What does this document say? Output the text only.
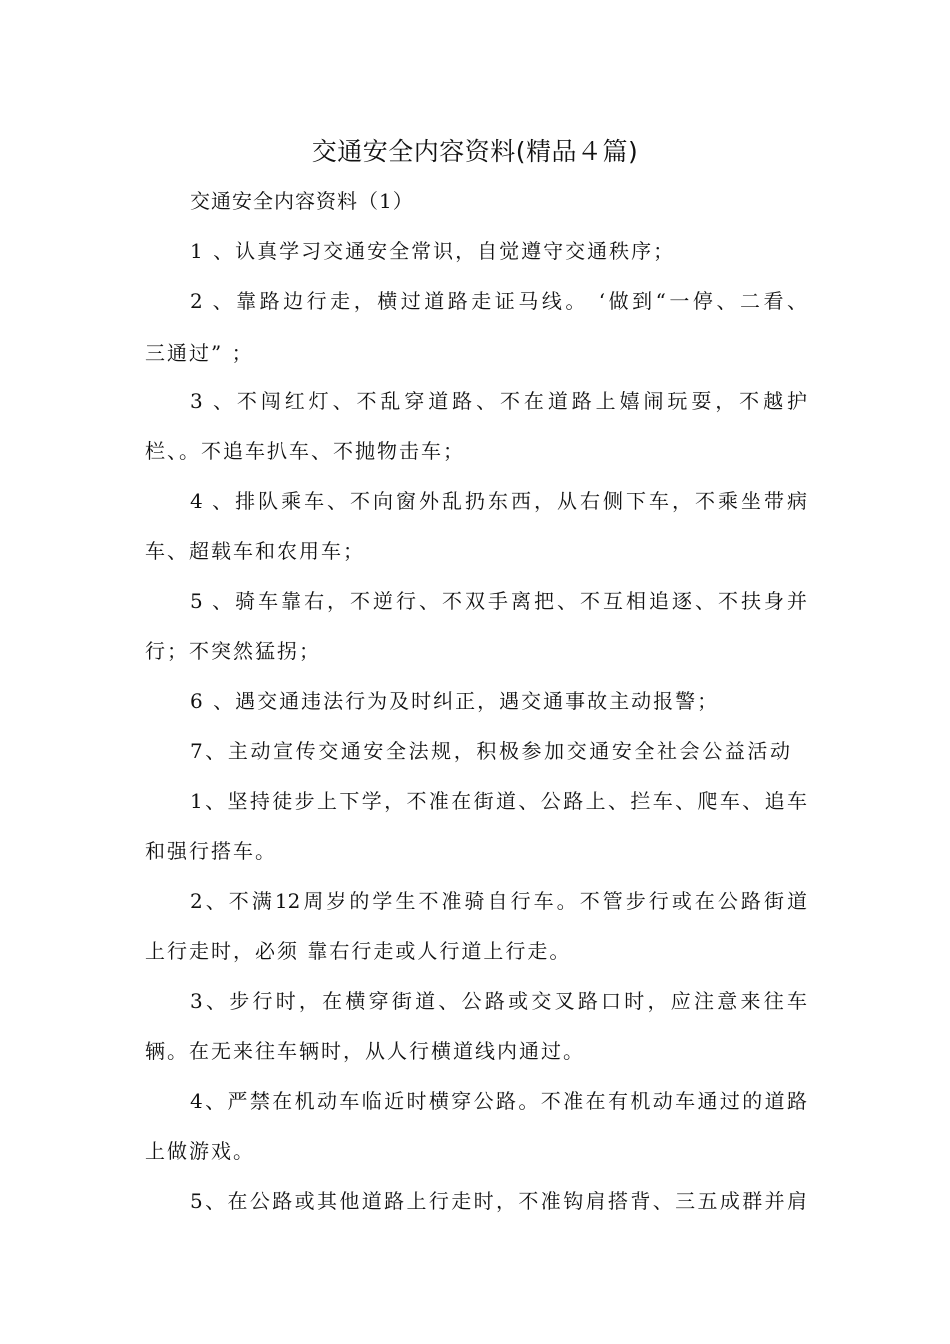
交通安全内容资料(精品４篇)
交通安全内容资料（1）
1 、认真学习交通安全常识，自觉遵守交通秩序；
2 、靠路边行走，横过道路走证马线。 ‘做到“一停、二看、
三通过” ；
3 、不闯红灯、不乱穿道路、不在道路上嬉闹玩耍，不越护
栏、。不追车扒车、不抛物击车；
4 、排队乘车、不向窗外乱扔东西，从右侧下车，不乘坐带病
车、超载车和农用车；
5 、骑车靠右，不逆行、不双手离把、不互相追逐、不扶身并
行；不突然猛拐；
6 、遇交通违法行为及时纠正，遇交通事故主动报警；
7、主动宣传交通安全法规，积极参加交通安全社会公益活动
1、坚持徒步上下学，不准在街道、公路上、拦车、爬车、追车
和强行搭车。
2、不满12周岁的学生不准骑自行车。不管步行或在公路街道
上行走时，必须 靠右行走或人行道上行走。
3、步行时，在横穿街道、公路或交叉路口时，应注意来往车
辆。在无来往车辆时，从人行横道线内通过。
4、严禁在机动车临近时横穿公路。不准在有机动车通过的道路
上做游戏。
5、在公路或其他道路上行走时，不准钩肩搭背、三五成群并肩
